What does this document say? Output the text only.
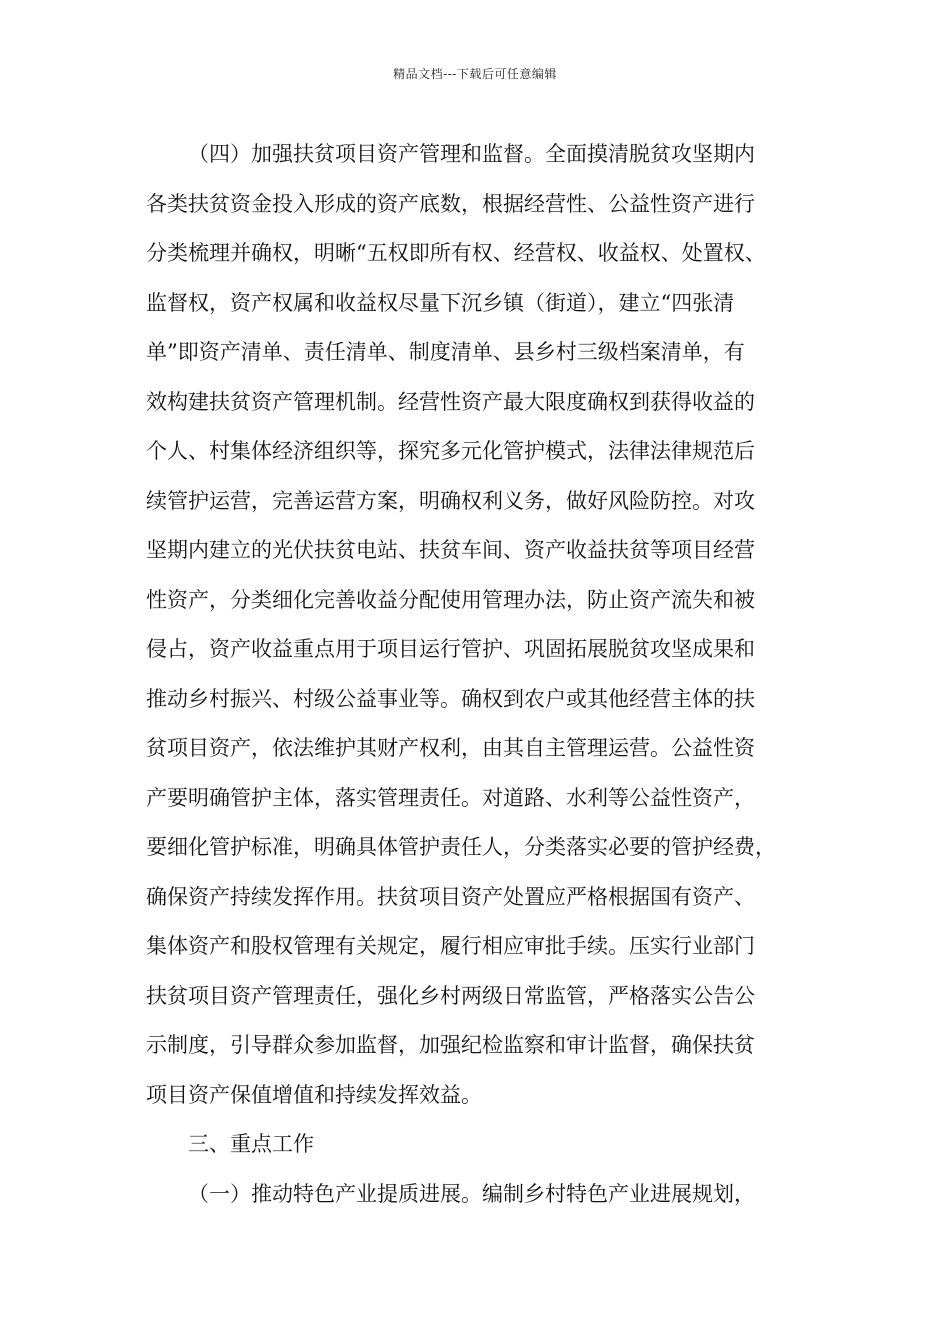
精品文档---下载后可任意编辑
（四）加强扶贫项目资产管理和监督。全面摸清脱贫攻坚期内
各类扶贫资金投入形成的资产底数，根据经营性、公益性资产进行
分类梳理并确权，明晰“五权即所有权、经营权、收益权、处置权、
监督权，资产权属和收益权尽量下沉乡镇（街道），建立“四张清
单”即资产清单、责任清单、制度清单、县乡村三级档案清单，有
效构建扶贫资产管理机制。经营性资产最大限度确权到获得收益的
个人、村集体经济组织等，探究多元化管护模式，法律法律规范后
续管护运营，完善运营方案，明确权利义务，做好风险防控。对攻
坚期内建立的光伏扶贫电站、扶贫车间、资产收益扶贫等项目经营
性资产，分类细化完善收益分配使用管理办法，防止资产流失和被
侵占，资产收益重点用于项目运行管护、巩固拓展脱贫攻坚成果和
推动乡村振兴、村级公益事业等。确权到农户或其他经营主体的扶
贫项目资产，依法维护其财产权利，由其自主管理运营。公益性资
产要明确管护主体，落实管理责任。对道路、水利等公益性资产，
要细化管护标准，明确具体管护责任人，分类落实必要的管护经费，
确保资产持续发挥作用。扶贫项目资产处置应严格根据国有资产、
集体资产和股权管理有关规定，履行相应审批手续。压实行业部门
扶贫项目资产管理责任，强化乡村两级日常监管，严格落实公告公
示制度，引导群众参加监督，加强纪检监察和审计监督，确保扶贫
项目资产保值增值和持续发挥效益。
三、重点工作
（一）推动特色产业提质进展。编制乡村特色产业进展规划，
